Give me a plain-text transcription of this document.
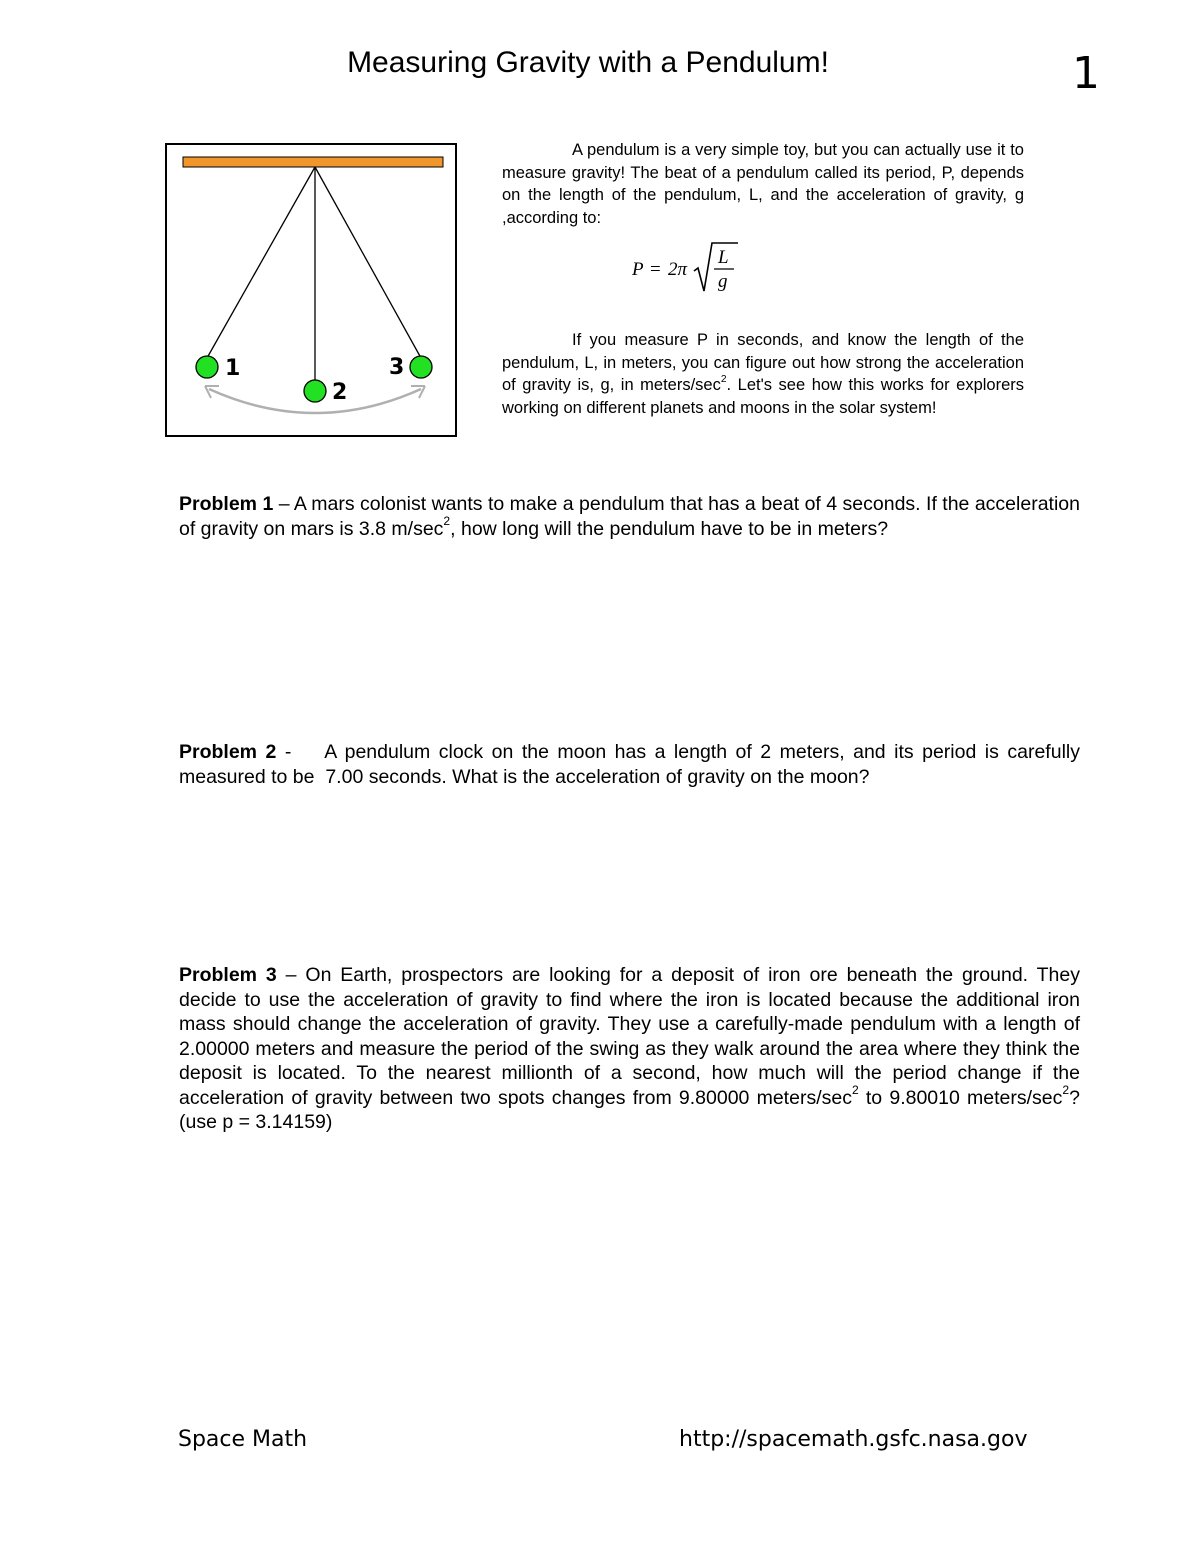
Measuring Gravity with a Pendulum!	1
1
2
3

A pendulum is a very simple toy, but you can actually use it to measure gravity! The beat of a pendulum called its period, P, depends on the length of the pendulum, L, and the acceleration of gravity, g ,according to:

P = 2π
L
g

If you measure P in seconds, and know the length of the pendulum, L, in meters, you can figure out how strong the acceleration of gravity is, g, in meters/$\sec^2$. Let's see how this works for explorers working on different planets and moons in the solar system!

Problem 1 – A mars colonist wants to make a pendulum that has a beat of 4 seconds. If the acceleration of gravity on mars is 3.8 $m/\sec^2$, how long will the pendulum have to be in meters?

Problem 2 -    A pendulum clock on the moon has a length of 2 meters, and its period is carefully measured to be  7.00 seconds. What is the acceleration of gravity on the moon?

Problem 3 – On Earth, prospectors are looking for a deposit of iron ore beneath the ground. They decide to use the acceleration of gravity to find where the iron is located because the additional iron mass should change the acceleration of gravity. They use a carefully-made pendulum with a length of 2.00000 meters and measure the period of the swing as they walk around the area where they think the deposit is located. To the nearest millionth of a second, how much will the period change if the acceleration of gravity between two spots changes from 9.80000 meters/$\sec^2$ to 9.80010 meters/$\sec^2$? (use p = 3.14159)

Space Math	http://spacemath.gsfc.nasa.gov
